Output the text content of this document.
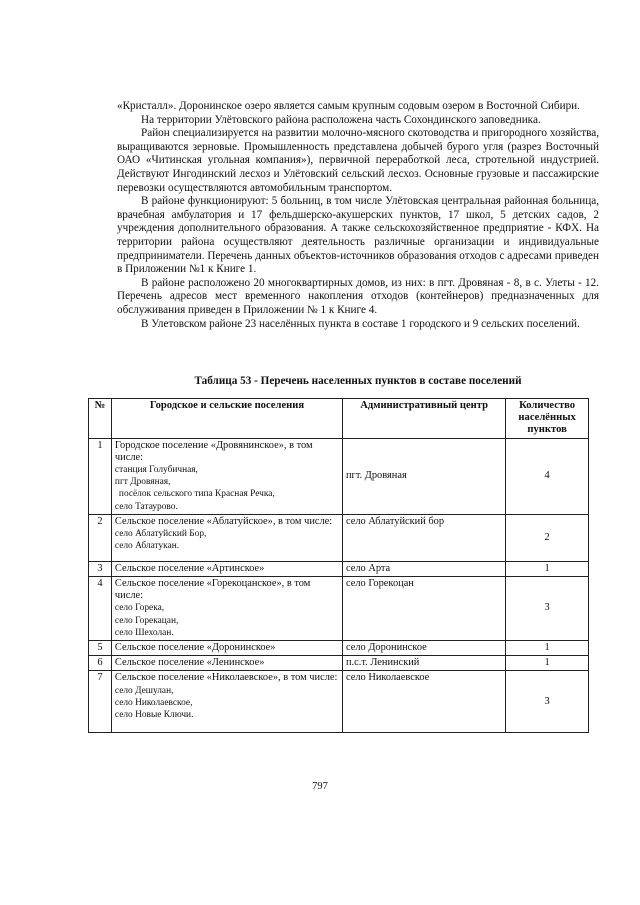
«Кристалл». Доронинское озеро является самым крупным содовым озером в Восточной Сибири.

На территории Улётовского района расположена часть Сохондинского заповедника.

Район специализируется на развитии молочно-мясного скотоводства и пригородного хозяйства, выращиваются зерновые. Промышленность представлена добычей бурого угля (разрез Восточный ОАО «Читинская угольная компания»), первичной переработкой леса, стротельной индустрией. Действуют Ингодинский лесхоз и Улётовский сельский лесхоз. Основные грузовые и пассажирские перевозки осуществляются автомобильным транспортом.

В районе функционируют: 5 больниц, в том числе Улётовская центральная районная больница, врачебная амбулатория и 17 фельдшерско-акушерских пунктов, 17 школ, 5 детских садов, 2 учреждения дополнительного образования. А также сельскохозяйственное предприятие - КФХ. На территории района осуществляют деятельность различные организации и индивидуальные предприниматели. Перечень данных объектов-источников образования отходов с адресами приведен в Приложении №1 к Книге 1.

В районе расположено 20 многоквартирных домов, из них: в пгт. Дровяная - 8, в с. Улеты - 12. Перечень адресов мест временного накопления отходов (контейнеров) предназначенных для обслуживания приведен в Приложении № 1 к Книге 4.

В Улетовском районе 23 населённых пункта в составе 1 городского и 9 сельских поселений.

Таблица 53 - Перечень населенных пунктов в составе поселений
№	Городское и сельские поселения	Административный центр	Количество населённых пунктов
1	Городское поселение «Дровянинское», в том числе:
станция Голубичная,
пгт Дровяная,
посёлок сельского типа Красная Речка,
село Татаурово.	пгт. Дровяная	4
2	Сельское поселение «Аблатуйское», в том числе:
село Аблатуйский Бор,
село Аблатукан.	село Аблатуйский бор	2
3	Сельское поселение «Артинское»	село Арта	1
4	Сельское поселение «Горекоцанское», в том числе:
село Горека,
село Горекацан,
село Шехолан.	село Горекоцан	3
5	Сельское поселение «Доронинское»	село Доронинское	1
6	Сельское поселение «Ленинское»	п.с.т. Ленинский	1
7	Сельское поселение «Николаевское», в том числе:
село Дешулан,
село Николаевское,
село Новые Ключи.	село Николаевское	3
797
